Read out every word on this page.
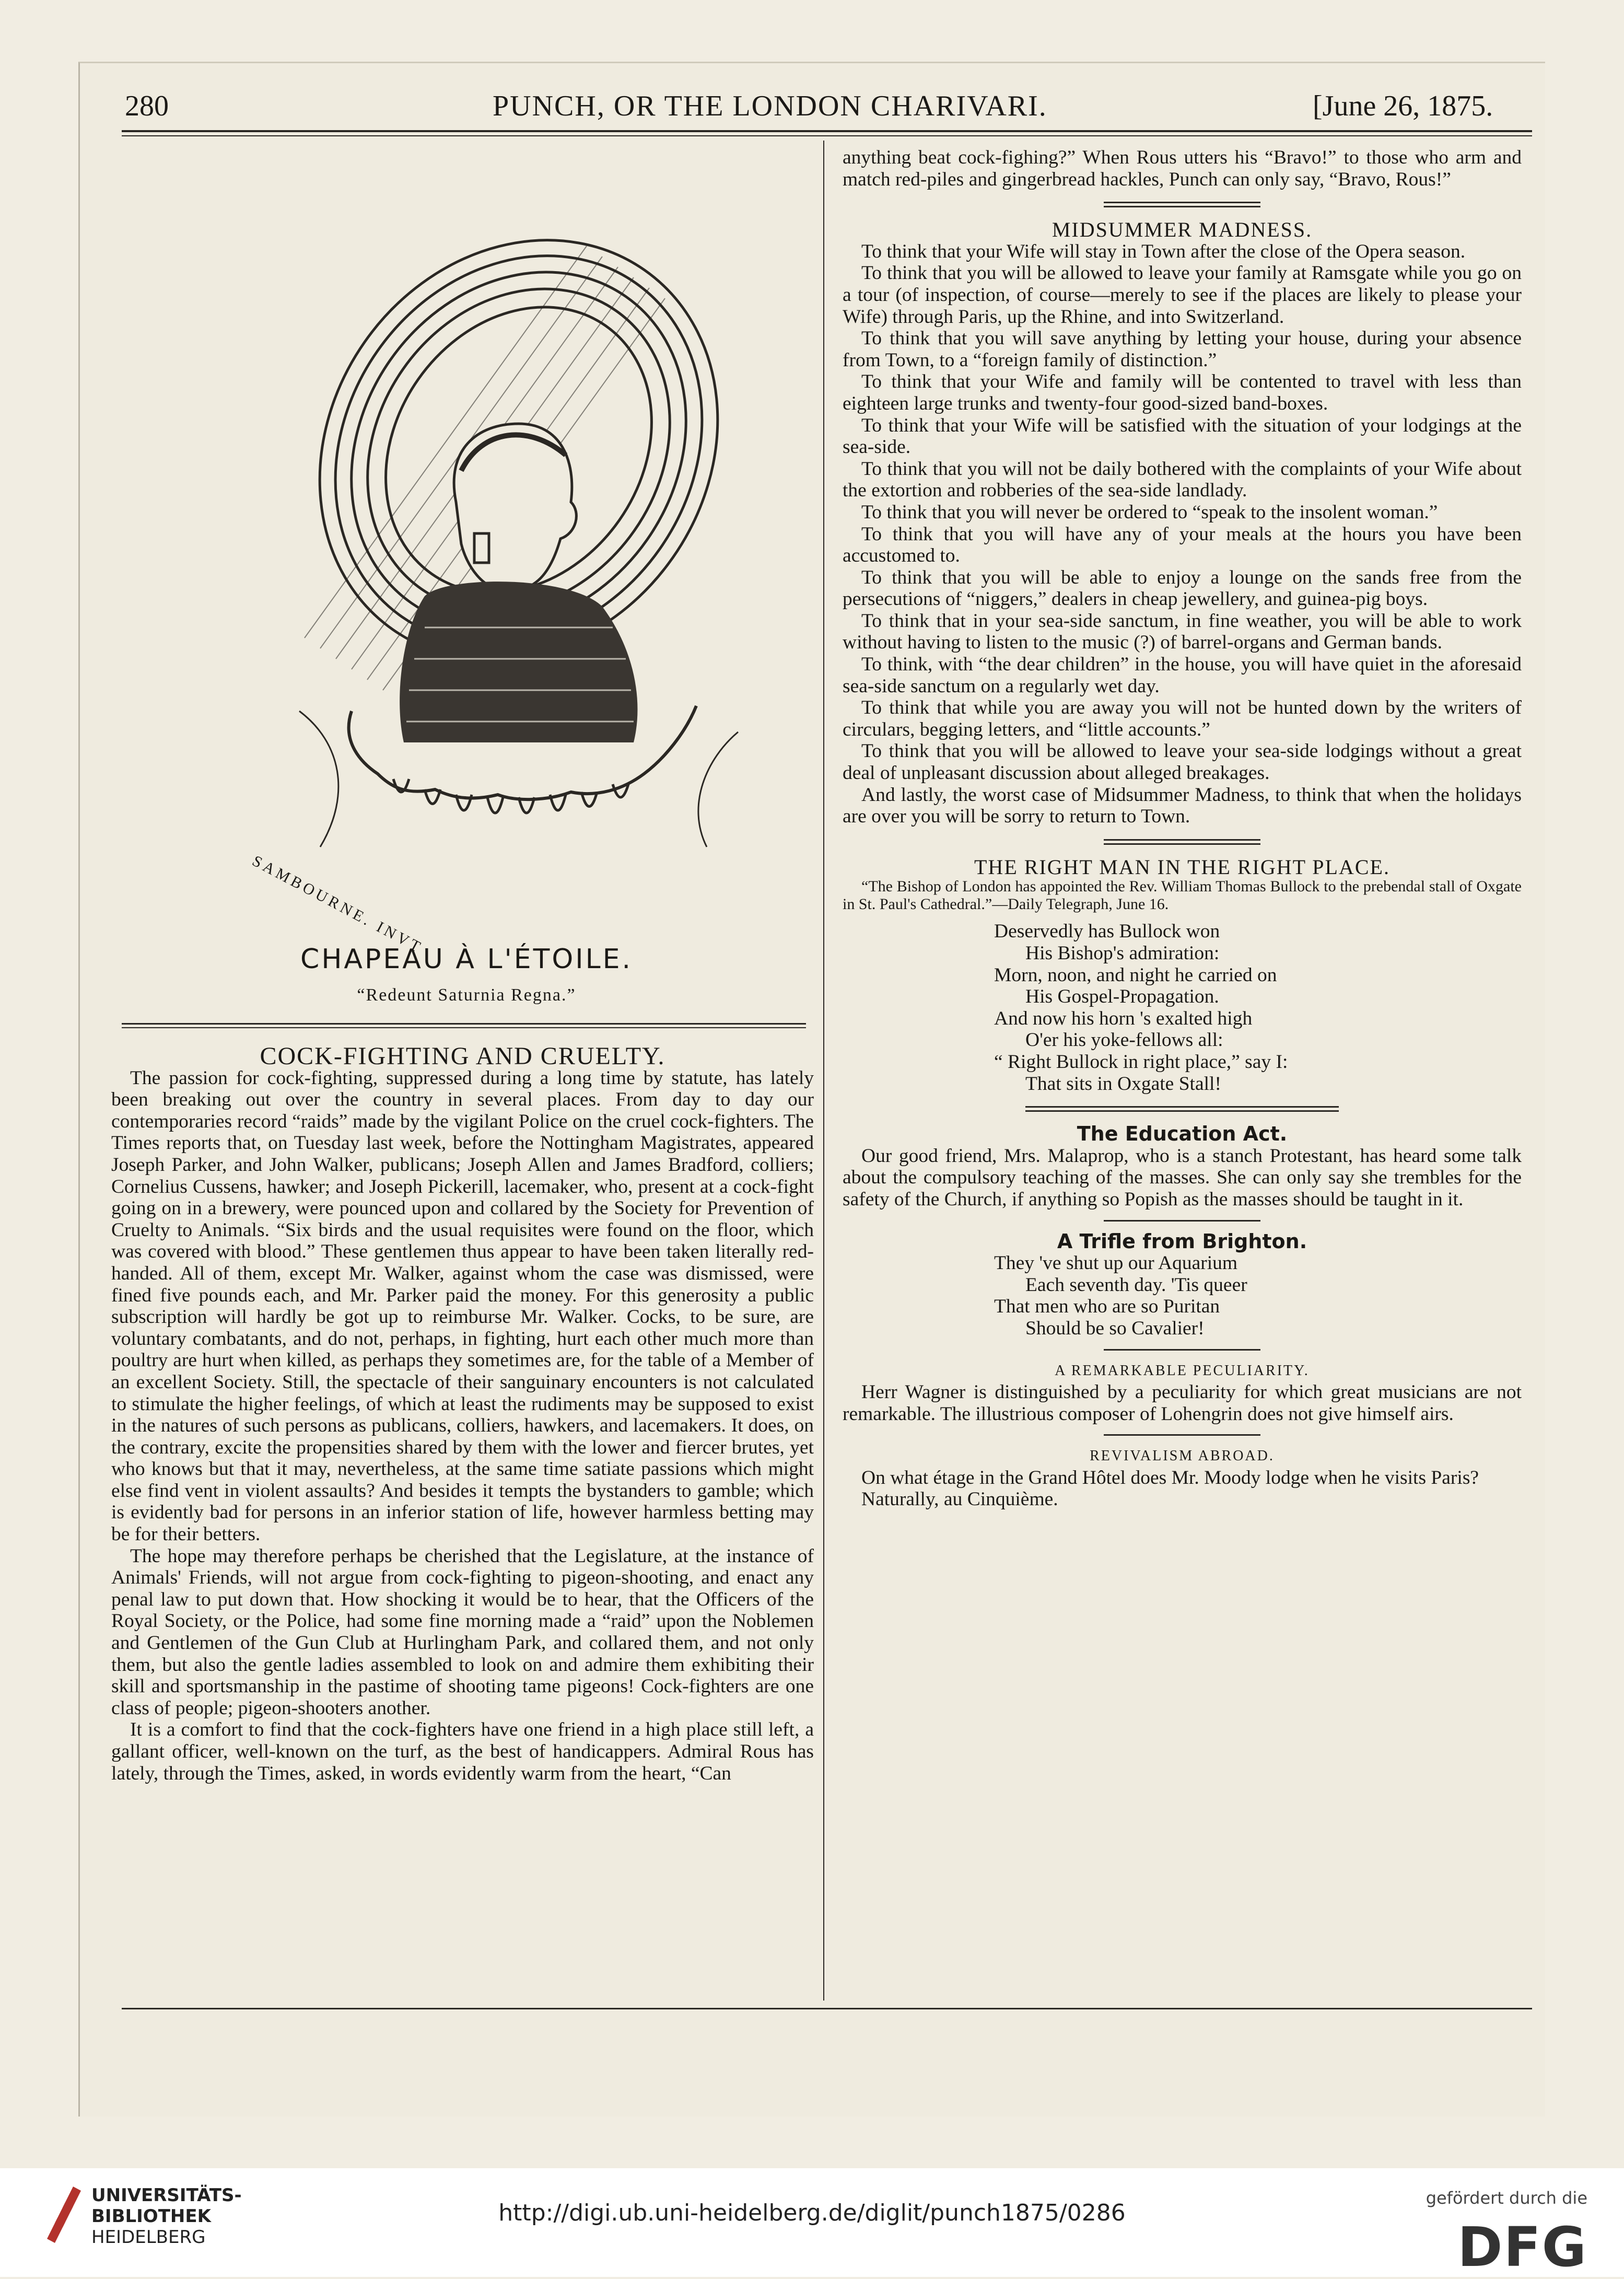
280	PUNCH, OR THE LONDON CHARIVARI.	[June 26, 1875.
SAMBOURNE. INVT
CHAPEAU À L'ÉTOILE.
“Redeunt Saturnia Regna.”

COCK-FIGHTING AND CRUELTY.

The passion for cock-fighting, suppressed during a long time by statute, has lately been breaking out over the country in several places. From day to day our contemporaries record “raids” made by the vigilant Police on the cruel cock-fighters. The Times reports that, on Tuesday last week, before the Nottingham Magistrates, appeared Joseph Parker, and John Walker, publicans; Joseph Allen and James Bradford, colliers; Cornelius Cussens, hawker; and Joseph Pickerill, lacemaker, who, present at a cock-fight going on in a brewery, were pounced upon and collared by the Society for Prevention of Cruelty to Animals. “Six birds and the usual requisites were found on the floor, which was covered with blood.” These gentlemen thus appear to have been taken literally red-handed. All of them, except Mr. Walker, against whom the case was dismissed, were fined five pounds each, and Mr. Parker paid the money. For this generosity a public subscription will hardly be got up to reimburse Mr. Walker. Cocks, to be sure, are voluntary combatants, and do not, perhaps, in fighting, hurt each other much more than poultry are hurt when killed, as perhaps they sometimes are, for the table of a Member of an excellent Society. Still, the spectacle of their sanguinary encounters is not calculated to stimulate the higher feelings, of which at least the rudiments may be supposed to exist in the natures of such persons as publicans, colliers, hawkers, and lacemakers. It does, on the contrary, excite the propensities shared by them with the lower and fiercer brutes, yet who knows but that it may, nevertheless, at the same time satiate passions which might else find vent in violent assaults? And besides it tempts the bystanders to gamble; which is evidently bad for persons in an inferior station of life, however harmless betting may be for their betters.

The hope may therefore perhaps be cherished that the Legislature, at the instance of Animals' Friends, will not argue from cock-fighting to pigeon-shooting, and enact any penal law to put down that. How shocking it would be to hear, that the Officers of the Royal Society, or the Police, had some fine morning made a “raid” upon the Noblemen and Gentlemen of the Gun Club at Hurlingham Park, and collared them, and not only them, but also the gentle ladies assembled to look on and admire them exhibiting their skill and sportsmanship in the pastime of shooting tame pigeons! Cock-fighters are one class of people; pigeon-shooters another.

It is a comfort to find that the cock-fighters have one friend in a high place still left, a gallant officer, well-known on the turf, as the best of handicappers. Admiral Rous has lately, through the Times, asked, in words evidently warm from the heart, “Can

anything beat cock-fighing?” When Rous utters his “Bravo!” to those who arm and match red-piles and gingerbread hackles, Punch can only say, “Bravo, Rous!”

MIDSUMMER MADNESS.

To think that your Wife will stay in Town after the close of the Opera season.

To think that you will be allowed to leave your family at Ramsgate while you go on a tour (of inspection, of course—merely to see if the places are likely to please your Wife) through Paris, up the Rhine, and into Switzerland.

To think that you will save anything by letting your house, during your absence from Town, to a “foreign family of distinction.”

To think that your Wife and family will be contented to travel with less than eighteen large trunks and twenty-four good-sized band-boxes.

To think that your Wife will be satisfied with the situation of your lodgings at the sea-side.

To think that you will not be daily bothered with the complaints of your Wife about the extortion and robberies of the sea-side landlady.

To think that you will never be ordered to “speak to the insolent woman.”

To think that you will have any of your meals at the hours you have been accustomed to.

To think that you will be able to enjoy a lounge on the sands free from the persecutions of “niggers,” dealers in cheap jewellery, and guinea-pig boys.

To think that in your sea-side sanctum, in fine weather, you will be able to work without having to listen to the music (?) of barrel-organs and German bands.

To think, with “the dear children” in the house, you will have quiet in the aforesaid sea-side sanctum on a regularly wet day.

To think that while you are away you will not be hunted down by the writers of circulars, begging letters, and “little accounts.”

To think that you will be allowed to leave your sea-side lodgings without a great deal of unpleasant discussion about alleged breakages.

And lastly, the worst case of Midsummer Madness, to think that when the holidays are over you will be sorry to return to Town.

THE RIGHT MAN IN THE RIGHT PLACE.

“The Bishop of London has appointed the Rev. William Thomas Bullock to the prebendal stall of Oxgate in St. Paul's Cathedral.”—Daily Telegraph, June 16.

Deservedly has Bullock won

His Bishop's admiration:

Morn, noon, and night he carried on

His Gospel-Propagation.

And now his horn 's exalted high

O'er his yoke-fellows all:

“ Right Bullock in right place,” say I:

That sits in Oxgate Stall!

The Education Act.

Our good friend, Mrs. Malaprop, who is a stanch Protestant, has heard some talk about the compulsory teaching of the masses. She can only say she trembles for the safety of the Church, if anything so Popish as the masses should be taught in it.

A Trifle from Brighton.

They 've shut up our Aquarium

Each seventh day. 'Tis queer

That men who are so Puritan

Should be so Cavalier!

A REMARKABLE PECULIARITY.

Herr Wagner is distinguished by a peculiarity for which great musicians are not remarkable. The illustrious composer of Lohengrin does not give himself airs.

REVIVALISM ABROAD.

On what étage in the Grand Hôtel does Mr. Moody lodge when he visits Paris?

Naturally, au Cinquième.

UNIVERSITÄTS-
BIBLIOTHEK
HEIDELBERG
http://digi.ub.uni-heidelberg.de/diglit/punch1875/0286
gefördert durch die
DFG
